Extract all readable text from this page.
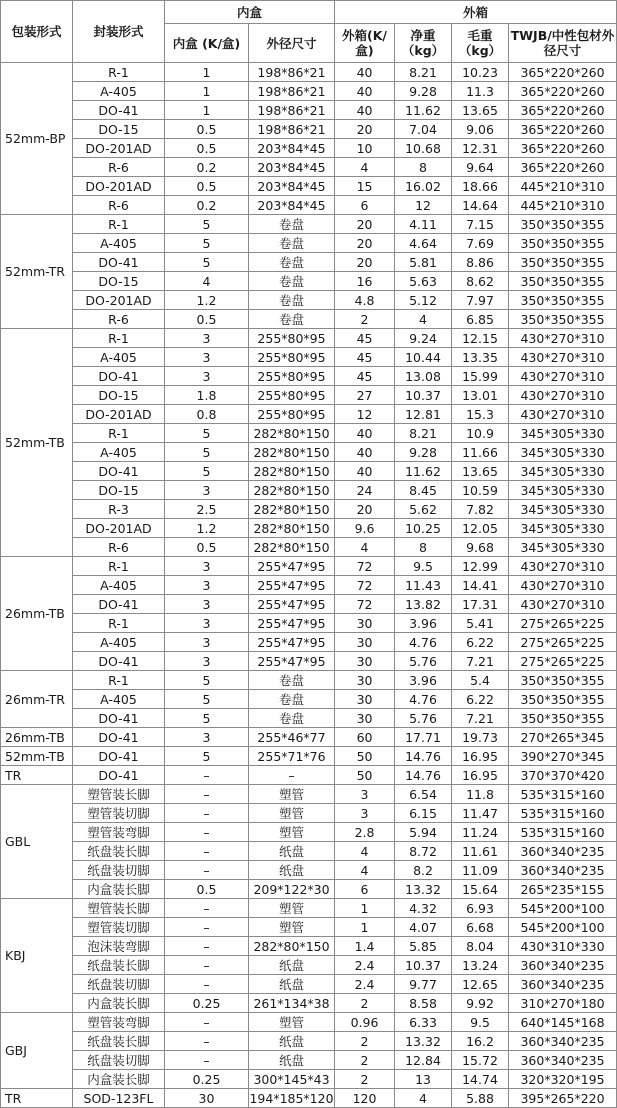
包装形式	封装形式	内盒		外箱			
		内盒 (K/盒)	外径尺寸	外箱(K/盒)	净重（kg）	毛重（kg）	TWJB/中性包材外径尺寸
52mm-BP	R-1	1	198*86*21	40	8.21	10.23	365*220*260
	A-405	1	198*86*21	40	9.28	11.3	365*220*260
	DO-41	1	198*86*21	40	11.62	13.65	365*220*260
	DO-15	0.5	198*86*21	20	7.04	9.06	365*220*260
	DO-201AD	0.5	203*84*45	10	10.68	12.31	365*220*260
	R-6	0.2	203*84*45	4	8	9.64	365*220*260
	DO-201AD	0.5	203*84*45	15	16.02	18.66	445*210*310
	R-6	0.2	203*84*45	6	12	14.64	445*210*310
52mm-TR	R-1	5	卷盘	20	4.11	7.15	350*350*355
	A-405	5	卷盘	20	4.64	7.69	350*350*355
	DO-41	5	卷盘	20	5.81	8.86	350*350*355
	DO-15	4	卷盘	16	5.63	8.62	350*350*355
	DO-201AD	1.2	卷盘	4.8	5.12	7.97	350*350*355
	R-6	0.5	卷盘	2	4	6.85	350*350*355
52mm-TB	R-1	3	255*80*95	45	9.24	12.15	430*270*310
	A-405	3	255*80*95	45	10.44	13.35	430*270*310
	DO-41	3	255*80*95	45	13.08	15.99	430*270*310
	DO-15	1.8	255*80*95	27	10.37	13.01	430*270*310
	DO-201AD	0.8	255*80*95	12	12.81	15.3	430*270*310
	R-1	5	282*80*150	40	8.21	10.9	345*305*330
	A-405	5	282*80*150	40	9.28	11.66	345*305*330
	DO-41	5	282*80*150	40	11.62	13.65	345*305*330
	DO-15	3	282*80*150	24	8.45	10.59	345*305*330
	R-3	2.5	282*80*150	20	5.62	7.82	345*305*330
	DO-201AD	1.2	282*80*150	9.6	10.25	12.05	345*305*330
	R-6	0.5	282*80*150	4	8	9.68	345*305*330
26mm-TB	R-1	3	255*47*95	72	9.5	12.99	430*270*310
	A-405	3	255*47*95	72	11.43	14.41	430*270*310
	DO-41	3	255*47*95	72	13.82	17.31	430*270*310
	R-1	3	255*47*95	30	3.96	5.41	275*265*225
	A-405	3	255*47*95	30	4.76	6.22	275*265*225
	DO-41	3	255*47*95	30	5.76	7.21	275*265*225
26mm-TR	R-1	5	卷盘	30	3.96	5.4	350*350*355
	A-405	5	卷盘	30	4.76	6.22	350*350*355
	DO-41	5	卷盘	30	5.76	7.21	350*350*355
26mm-TB	DO-41	3	255*46*77	60	17.71	19.73	270*265*345
52mm-TB	DO-41	5	255*71*76	50	14.76	16.95	390*270*345
TR	DO-41	–	–	50	14.76	16.95	370*370*420
GBL	塑管装长脚	–	塑管	3	6.54	11.8	535*315*160
	塑管装切脚	–	塑管	3	6.15	11.47	535*315*160
	塑管装弯脚	–	塑管	2.8	5.94	11.24	535*315*160
	纸盘装长脚	–	纸盘	4	8.72	11.61	360*340*235
	纸盘装切脚	–	纸盘	4	8.2	11.09	360*340*235
	内盒装长脚	0.5	209*122*30	6	13.32	15.64	265*235*155
KBJ	塑管装长脚	–	塑管	1	4.32	6.93	545*200*100
	塑管装切脚	–	塑管	1	4.07	6.68	545*200*100
	泡沫装弯脚	–	282*80*150	1.4	5.85	8.04	430*310*330
	纸盘装长脚	–	纸盘	2.4	10.37	13.24	360*340*235
	纸盘装切脚	–	纸盘	2.4	9.77	12.65	360*340*235
	内盒装长脚	0.25	261*134*38	2	8.58	9.92	310*270*180
GBJ	塑管装弯脚	–	塑管	0.96	6.33	9.5	640*145*168
	纸盘装长脚	–	纸盘	2	13.32	16.2	360*340*235
	纸盘装切脚	–	纸盘	2	12.84	15.72	360*340*235
	内盒装长脚	0.25	300*145*43	2	13	14.74	320*320*195
TR	SOD-123FL	30	194*185*120	120	4	5.88	395*265*220
